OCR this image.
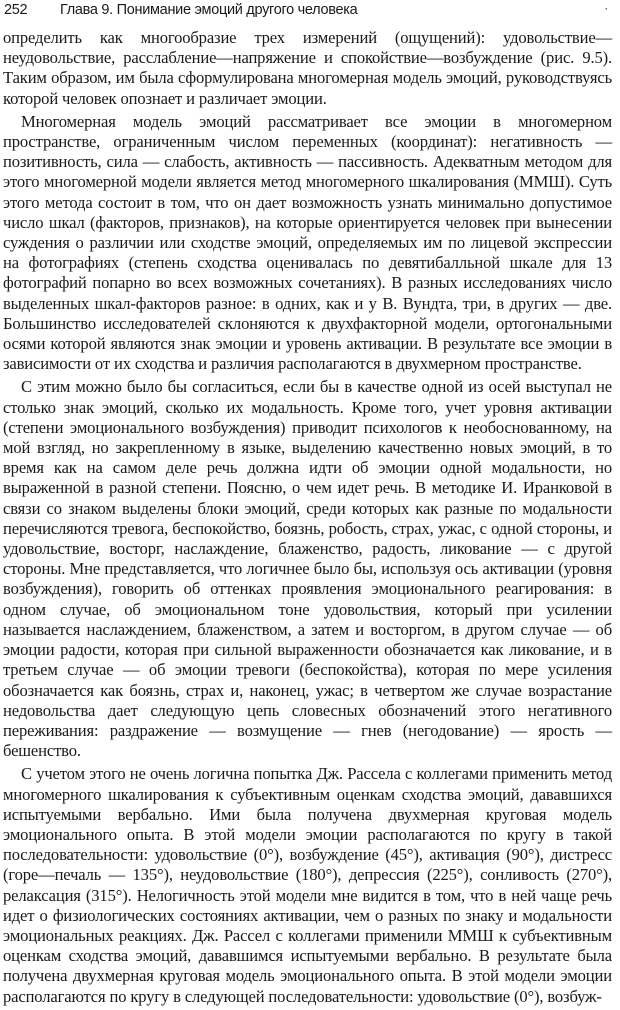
252 Глава 9. Понимание эмоций другого человека	·

определить как многообразие трех измерений (ощущений): удовольствие—неудовольствие, расслабление—напряжение и спокойствие—возбуждение (рис. 9.5). Таким образом, им была сформулирована многомерная модель эмоций, руководствуясь которой человек опознает и различает эмоции.

Многомерная модель эмоций рассматривает все эмоции в многомерном пространстве, ограниченным числом переменных (координат): негативность — позитивность, сила — слабость, активность — пассивность. Адекватным методом для этого многомерной модели является метод многомерного шкалирования (ММШ). Суть этого метода состоит в том, что он дает возможность узнать минимально допустимое число шкал (факторов, признаков), на которые ориентируется человек при вынесении суждения о различии или сходстве эмоций, определяемых им по лицевой экспрессии на фотографиях (степень сходства оценивалась по девятибалльной шкале для 13 фотографий попарно во всех возможных сочетаниях). В разных исследованиях число выделенных шкал-факторов разное: в одних, как и у В. Вундта, три, в других — две. Большинство исследователей склоняются к двухфакторной модели, ортогональными осями которой являются знак эмоции и уровень активации. В результате все эмоции в зависимости от их сходства и различия располагаются в двухмерном пространстве.

С этим можно было бы согласиться, если бы в качестве одной из осей выступал не столько знак эмоций, сколько их модальность. Кроме того, учет уровня активации (степени эмоционального возбуждения) приводит психологов к необоснованному, на мой взгляд, но закрепленному в языке, выделению качественно новых эмоций, в то время как на самом деле речь должна идти об эмоции одной модальности, но выраженной в разной степени. Поясню, о чем идет речь. В методике И. Иранковой в связи со знаком выделены блоки эмоций, среди которых как разные по модальности перечисляются тревога, беспокойство, боязнь, робость, страх, ужас, с одной стороны, и удовольствие, восторг, наслаждение, блаженство, радость, ликование — с другой стороны. Мне представляется, что логичнее было бы, используя ось активации (уровня возбуждения), говорить об оттенках проявления эмоционального реагирования: в одном случае, об эмоциональном тоне удовольствия, который при усилении называется наслаждением, блаженством, а затем и восторгом, в другом случае — об эмоции радости, которая при сильной выраженности обозначается как ликование, и в третьем случае — об эмоции тревоги (беспокойства), которая по мере усиления обозначается как боязнь, страх и, наконец, ужас; в четвертом же случае возрастание недовольства дает следующую цепь словесных обозначений этого негативного переживания: раздражение — возмущение — гнев (негодование) — ярость — бешенство.

С учетом этого не очень логична попытка Дж. Рассела с коллегами применить метод многомерного шкалирования к субъективным оценкам сходства эмоций, дававшихся испытуемыми вербально. Ими была получена двухмерная круговая модель эмоционального опыта. В этой модели эмоции располагаются по кругу в такой последовательности: удовольствие (0°), возбуждение (45°), активация (90°), дистресс (горе—печаль — 135°), неудовольствие (180°), депрессия (225°), сонливость (270°), релаксация (315°). Нелогичность этой модели мне видится в том, что в ней чаще речь идет о физиологических состояниях активации, чем о разных по знаку и модальности эмоциональных реакциях. Дж. Рассел с коллегами применили ММШ к субъективным оценкам сходства эмоций, дававшимся испытуемыми вербально. В результате была получена двухмерная круговая модель эмоционального опыта. В этой модели эмоции располагаются по кругу в следующей последовательности: удовольствие (0°), возбуж-
